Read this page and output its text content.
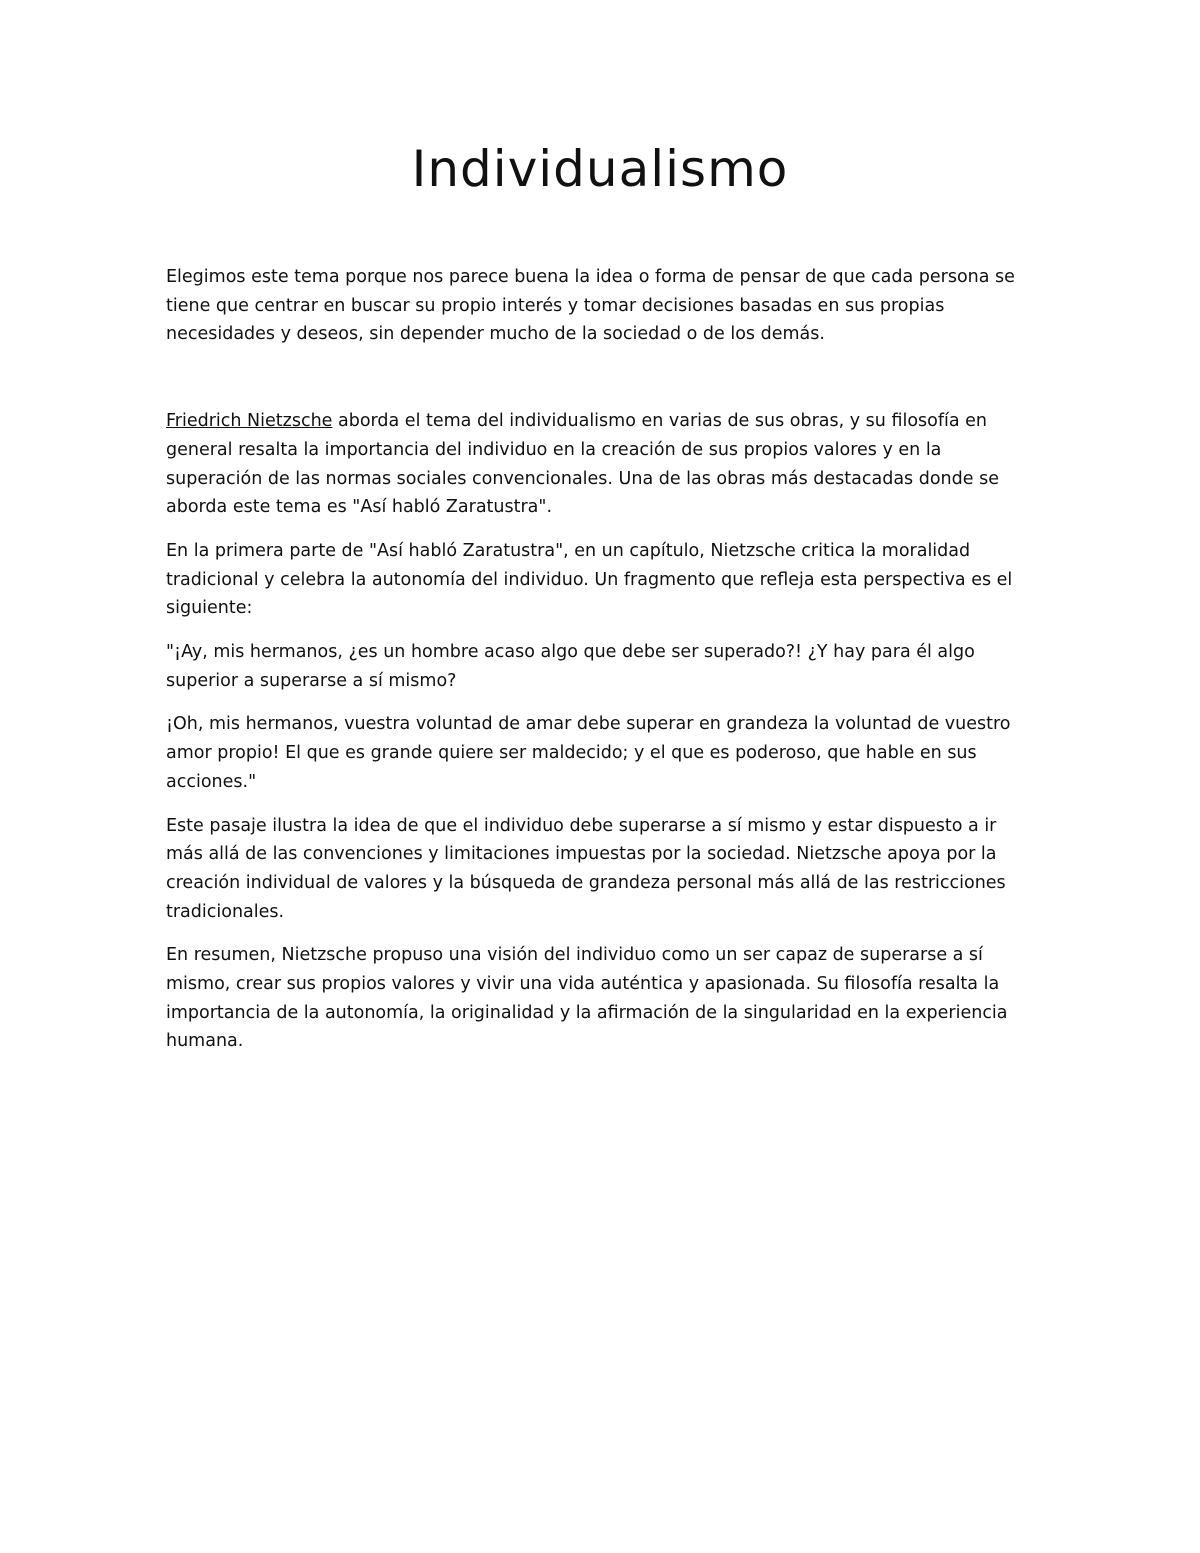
Individualismo

Elegimos este tema porque nos parece buena la idea o forma de pensar de que cada persona se tiene que centrar en buscar su propio interés y tomar decisiones basadas en sus propias necesidades y deseos, sin depender mucho de la sociedad o de los demás.

Friedrich Nietzsche aborda el tema del individualismo en varias de sus obras, y su filosofía en general resalta la importancia del individuo en la creación de sus propios valores y en la superación de las normas sociales convencionales. Una de las obras más destacadas donde se aborda este tema es "Así habló Zaratustra".

En la primera parte de "Así habló Zaratustra", en un capítulo, Nietzsche critica la moralidad tradicional y celebra la autonomía del individuo. Un fragmento que refleja esta perspectiva es el siguiente:

"¡Ay, mis hermanos, ¿es un hombre acaso algo que debe ser superado?! ¿Y hay para él algo superior a superarse a sí mismo?

¡Oh, mis hermanos, vuestra voluntad de amar debe superar en grandeza la voluntad de vuestro amor propio! El que es grande quiere ser maldecido; y el que es poderoso, que hable en sus acciones."

Este pasaje ilustra la idea de que el individuo debe superarse a sí mismo y estar dispuesto a ir más allá de las convenciones y limitaciones impuestas por la sociedad. Nietzsche apoya por la creación individual de valores y la búsqueda de grandeza personal más allá de las restricciones tradicionales.

En resumen, Nietzsche propuso una visión del individuo como un ser capaz de superarse a sí mismo, crear sus propios valores y vivir una vida auténtica y apasionada. Su filosofía resalta la importancia de la autonomía, la originalidad y la afirmación de la singularidad en la experiencia humana.
